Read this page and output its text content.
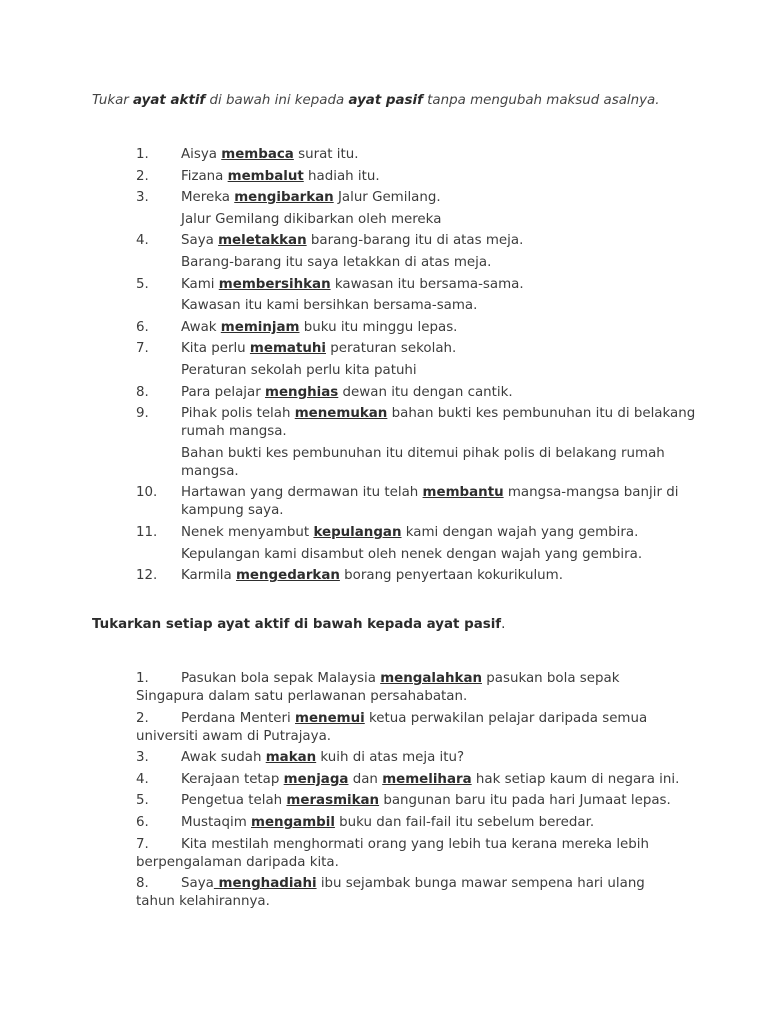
Tukar ayat aktif di bawah ini kepada ayat pasif tanpa mengubah maksud asalnya.
1. Aisya membaca surat itu.
2. Fizana membalut hadiah itu.
3. Mereka mengibarkan Jalur Gemilang.
Jalur Gemilang dikibarkan oleh mereka
4. Saya meletakkan barang-barang itu di atas meja.
Barang-barang itu saya letakkan di atas meja.
5. Kami membersihkan kawasan itu bersama-sama.
Kawasan itu kami bersihkan bersama-sama.
6. Awak meminjam buku itu minggu lepas.
7. Kita perlu mematuhi peraturan sekolah.
Peraturan sekolah perlu kita patuhi
8. Para pelajar menghias dewan itu dengan cantik.
9. Pihak polis telah menemukan bahan bukti kes pembunuhan itu di belakang rumah mangsa.
Bahan bukti kes pembunuhan itu ditemui pihak polis di belakang rumah mangsa.
10. Hartawan yang dermawan itu telah membantu mangsa-mangsa banjir di kampung saya.
11. Nenek menyambut kepulangan kami dengan wajah yang gembira.
Kepulangan kami disambut oleh nenek dengan wajah yang gembira.
12. Karmila mengedarkan borang penyertaan kokurikulum.
Tukarkan setiap ayat aktif di bawah kepada ayat pasif.
1. Pasukan bola sepak Malaysia mengalahkan pasukan bola sepak Singapura dalam satu perlawanan persahabatan.
2. Perdana Menteri menemui ketua perwakilan pelajar daripada semua universiti awam di Putrajaya.
3. Awak sudah makan kuih di atas meja itu?
4. Kerajaan tetap menjaga dan memelihara hak setiap kaum di negara ini.
5. Pengetua telah merasmikan bangunan baru itu pada hari Jumaat lepas.
6. Mustaqim mengambil buku dan fail-fail itu sebelum beredar.
7. Kita mestilah menghormati orang yang lebih tua kerana mereka lebih berpengalaman daripada kita.
8. Saya menghadiahi ibu sejambak bunga mawar sempena hari ulang tahun kelahirannya.
